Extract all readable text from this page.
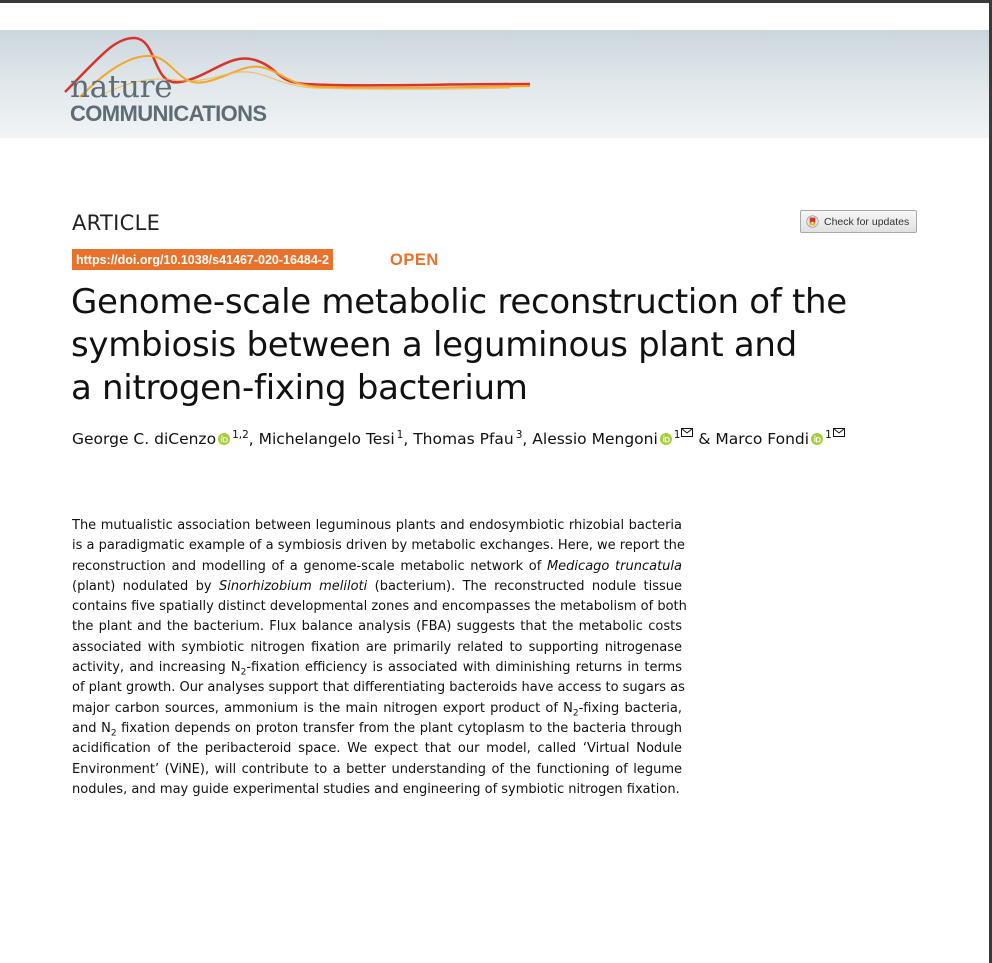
nature
COMMUNICATIONS
ARTICLE	Check for updates
https://doi.org/10.1038/s41467-020-16484-2	OPEN
Genome-scale metabolic reconstruction of the
symbiosis between a leguminous plant and
a nitrogen-fixing bacterium
George C. diCenzo $^{1,2}$, Michelangelo Tesi $^1$, Thomas Pfau $^3$, Alessio Mengoni $^1$ & Marco Fondi $^1$
The mutualistic association between leguminous plants and endosymbiotic rhizobial bacteria
is a paradigmatic example of a symbiosis driven by metabolic exchanges. Here, we report the
reconstruction and modelling of a genome-scale metabolic network of Medicago truncatula
(plant) nodulated by Sinorhizobium meliloti (bacterium). The reconstructed nodule tissue
contains five spatially distinct developmental zones and encompasses the metabolism of both
the plant and the bacterium. Flux balance analysis (FBA) suggests that the metabolic costs
associated with symbiotic nitrogen fixation are primarily related to supporting nitrogenase
activity, and increasing $N_2$-fixation efficiency is associated with diminishing returns in terms
of plant growth. Our analyses support that differentiating bacteroids have access to sugars as
major carbon sources, ammonium is the main nitrogen export product of $N_2$-fixing bacteria,
and $N_2$ fixation depends on proton transfer from the plant cytoplasm to the bacteria through
acidification of the peribacteroid space. We expect that our model, called ‘Virtual Nodule
Environment’ (ViNE), will contribute to a better understanding of the functioning of legume
nodules, and may guide experimental studies and engineering of symbiotic nitrogen fixation.
